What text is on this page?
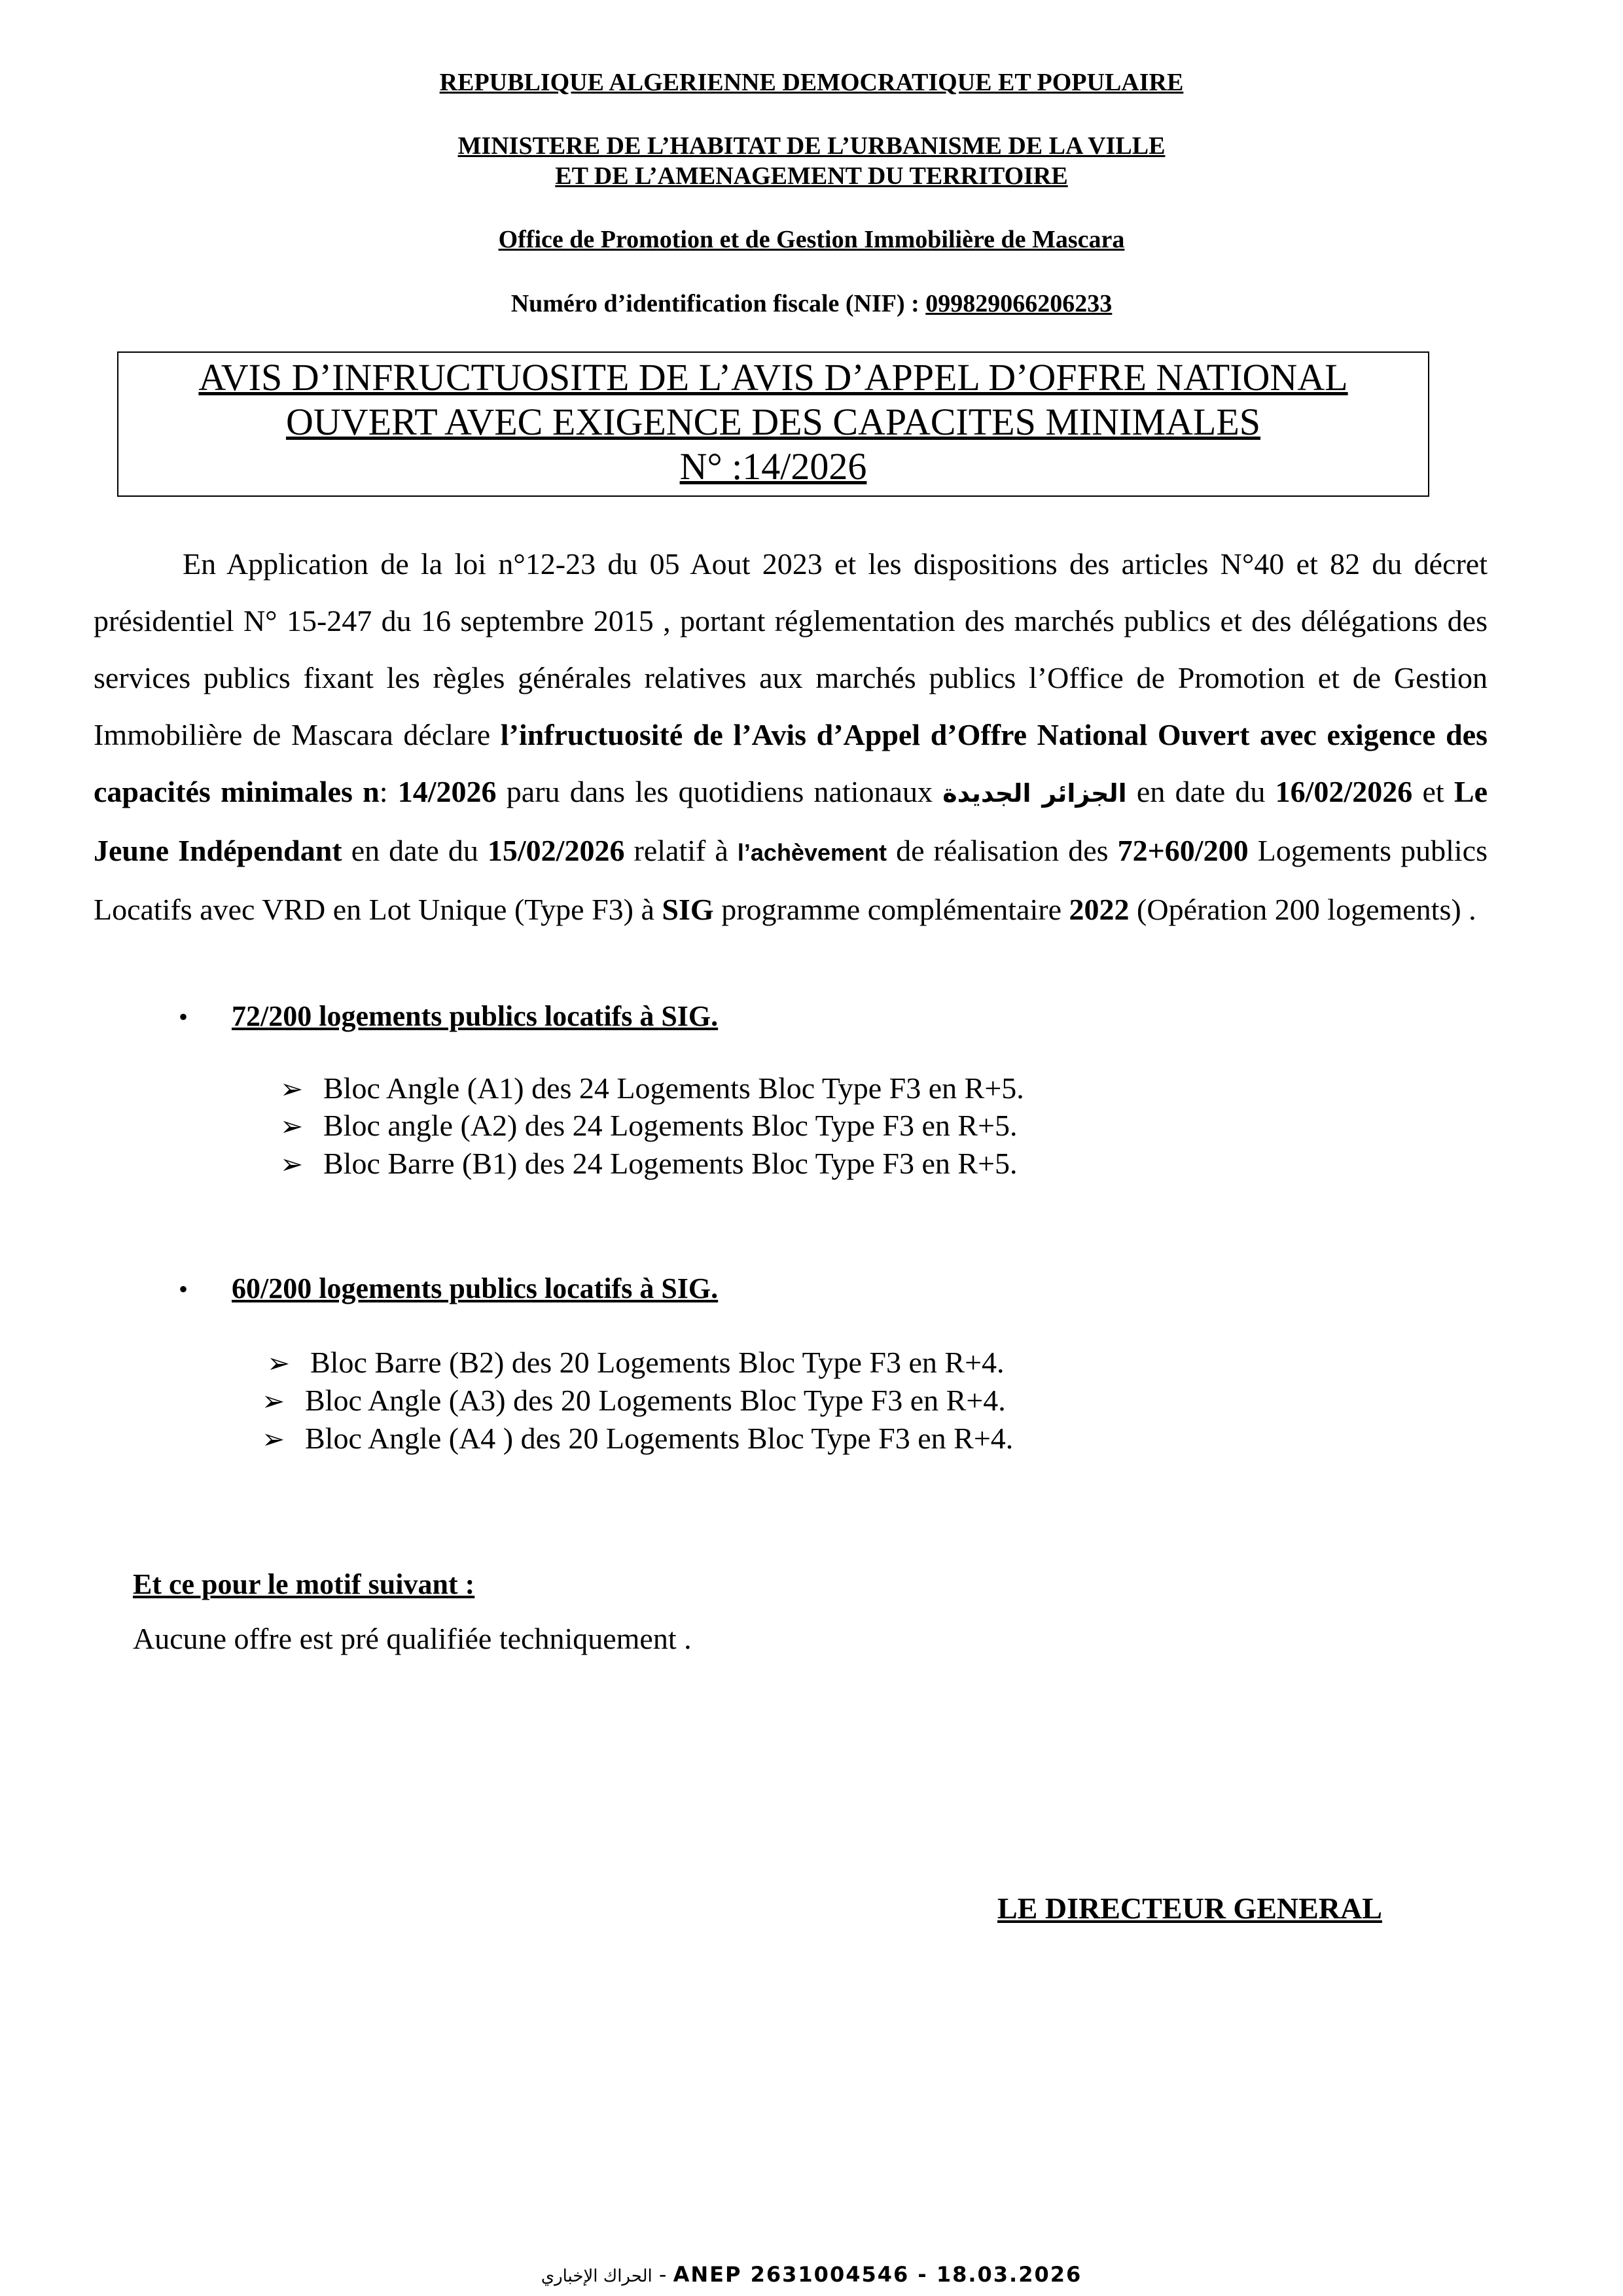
REPUBLIQUE ALGERIENNE DEMOCRATIQUE ET POPULAIRE
MINISTERE DE L’HABITAT DE L’URBANISME DE LA VILLE
ET DE L’AMENAGEMENT DU TERRITOIRE
Office de Promotion et de Gestion Immobilière de Mascara
Numéro d’identification fiscale (NIF) : 099829066206233
AVIS D’INFRUCTUOSITE DE L’AVIS D’APPEL D’OFFRE NATIONAL
OUVERT AVEC EXIGENCE DES CAPACITES MINIMALES
N° :14/2026

En Application de la loi n°12-23 du 05 Aout 2023 et les dispositions des articles N°40 et 82 du décret présidentiel N° 15-247 du 16 septembre 2015 , portant réglementation des marchés publics et des délégations des services publics fixant les règles générales relatives aux marchés publics l’Office de Promotion et de Gestion Immobilière de Mascara déclare l’infructuosité de l’Avis d’Appel d’Offre National Ouvert avec exigence des capacités minimales n: 14/2026 paru dans les quotidiens nationaux الجزائر الجديدة en date du 16/02/2026 et Le Jeune Indépendant en date du 15/02/2026 relatif à l’achèvement de réalisation des 72+60/200 Logements publics Locatifs avec VRD en Lot Unique (Type F3) à SIG programme complémentaire 2022 (Opération 200 logements) .

• 72/200 logements publics locatifs à SIG.
➢ Bloc Angle (A1) des 24 Logements Bloc Type F3 en R+5.
➢ Bloc angle (A2) des 24 Logements Bloc Type F3 en R+5.
➢ Bloc Barre (B1) des 24 Logements Bloc Type F3 en R+5.
• 60/200 logements publics locatifs à SIG.
➢ Bloc Barre (B2) des 20 Logements Bloc Type F3 en R+4.
➢ Bloc Angle (A3) des 20 Logements Bloc Type F3 en R+4.
➢ Bloc Angle (A4 ) des 20 Logements Bloc Type F3 en R+4.
Et ce pour le motif suivant :
Aucune offre est pré qualifiée techniquement .
LE DIRECTEUR GENERAL
الحراك الإخباري - ANEP 2631004546 - 18.03.2026
